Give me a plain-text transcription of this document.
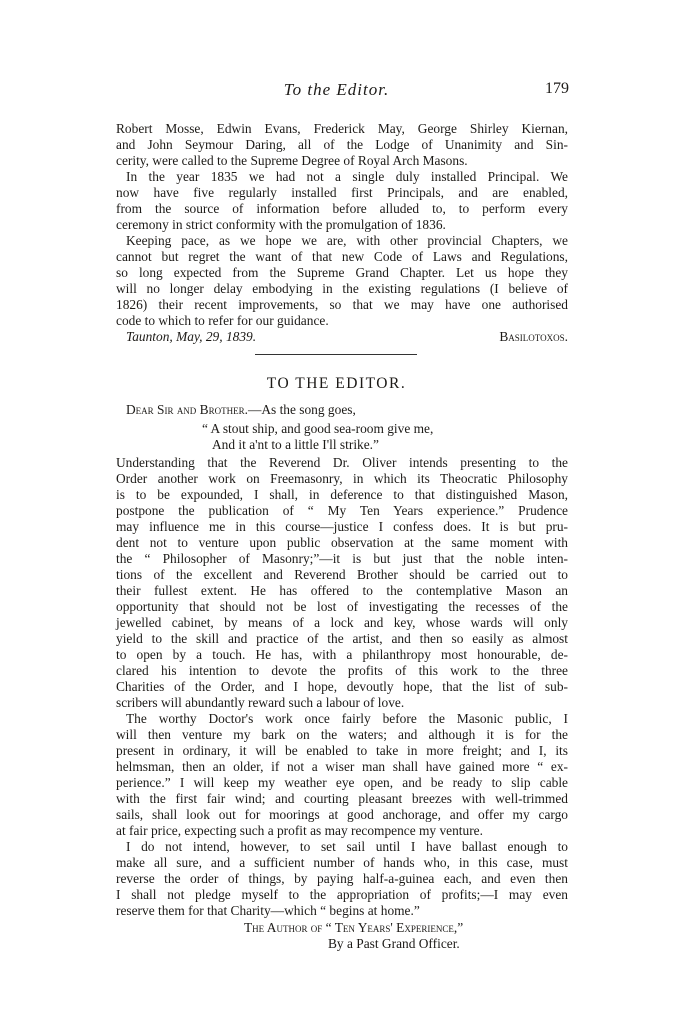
To the Editor.	179
Robert Mosse, Edwin Evans, Frederick May, George Shirley Kiernan,
and John Seymour Daring, all of the Lodge of Unanimity and Sin-
cerity, were called to the Supreme Degree of Royal Arch Masons.
In the year 1835 we had not a single duly installed Principal. We
now have five regularly installed first Principals, and are enabled,
from the source of information before alluded to, to perform every
ceremony in strict conformity with the promulgation of 1836.
Keeping pace, as we hope we are, with other provincial Chapters, we
cannot but regret the want of that new Code of Laws and Regulations,
so long expected from the Supreme Grand Chapter. Let us hope they
will no longer delay embodying in the existing regulations (I believe of
1826) their recent improvements, so that we may have one authorised
code to which to refer for our guidance.
Taunton, May, 29, 1839.	Basilotoxos.
TO THE EDITOR.
Dear Sir and Brother.—As the song goes,
“ A stout ship, and good sea-room give me,
And it a'nt to a little I'll strike.”
Understanding that the Reverend Dr. Oliver intends presenting to the
Order another work on Freemasonry, in which its Theocratic Philosophy
is to be expounded, I shall, in deference to that distinguished Mason,
postpone the publication of “ My Ten Years experience.” Prudence
may influence me in this course—justice I confess does. It is but pru-
dent not to venture upon public observation at the same moment with
the “ Philosopher of Masonry;”—it is but just that the noble inten-
tions of the excellent and Reverend Brother should be carried out to
their fullest extent. He has offered to the contemplative Mason an
opportunity that should not be lost of investigating the recesses of the
jewelled cabinet, by means of a lock and key, whose wards will only
yield to the skill and practice of the artist, and then so easily as almost
to open by a touch. He has, with a philanthropy most honourable, de-
clared his intention to devote the profits of this work to the three
Charities of the Order, and I hope, devoutly hope, that the list of sub-
scribers will abundantly reward such a labour of love.
The worthy Doctor's work once fairly before the Masonic public, I
will then venture my bark on the waters; and although it is for the
present in ordinary, it will be enabled to take in more freight; and I, its
helmsman, then an older, if not a wiser man shall have gained more “ ex-
perience.” I will keep my weather eye open, and be ready to slip cable
with the first fair wind; and courting pleasant breezes with well-trimmed
sails, shall look out for moorings at good anchorage, and offer my cargo
at fair price, expecting such a profit as may recompence my venture.
I do not intend, however, to set sail until I have ballast enough to
make all sure, and a sufficient number of hands who, in this case, must
reverse the order of things, by paying half-a-guinea each, and even then
I shall not pledge myself to the appropriation of profits;—I may even
reserve them for that Charity—which “ begins at home.”
The Author of “ Ten Years' Experience,”
By a Past Grand Officer.
